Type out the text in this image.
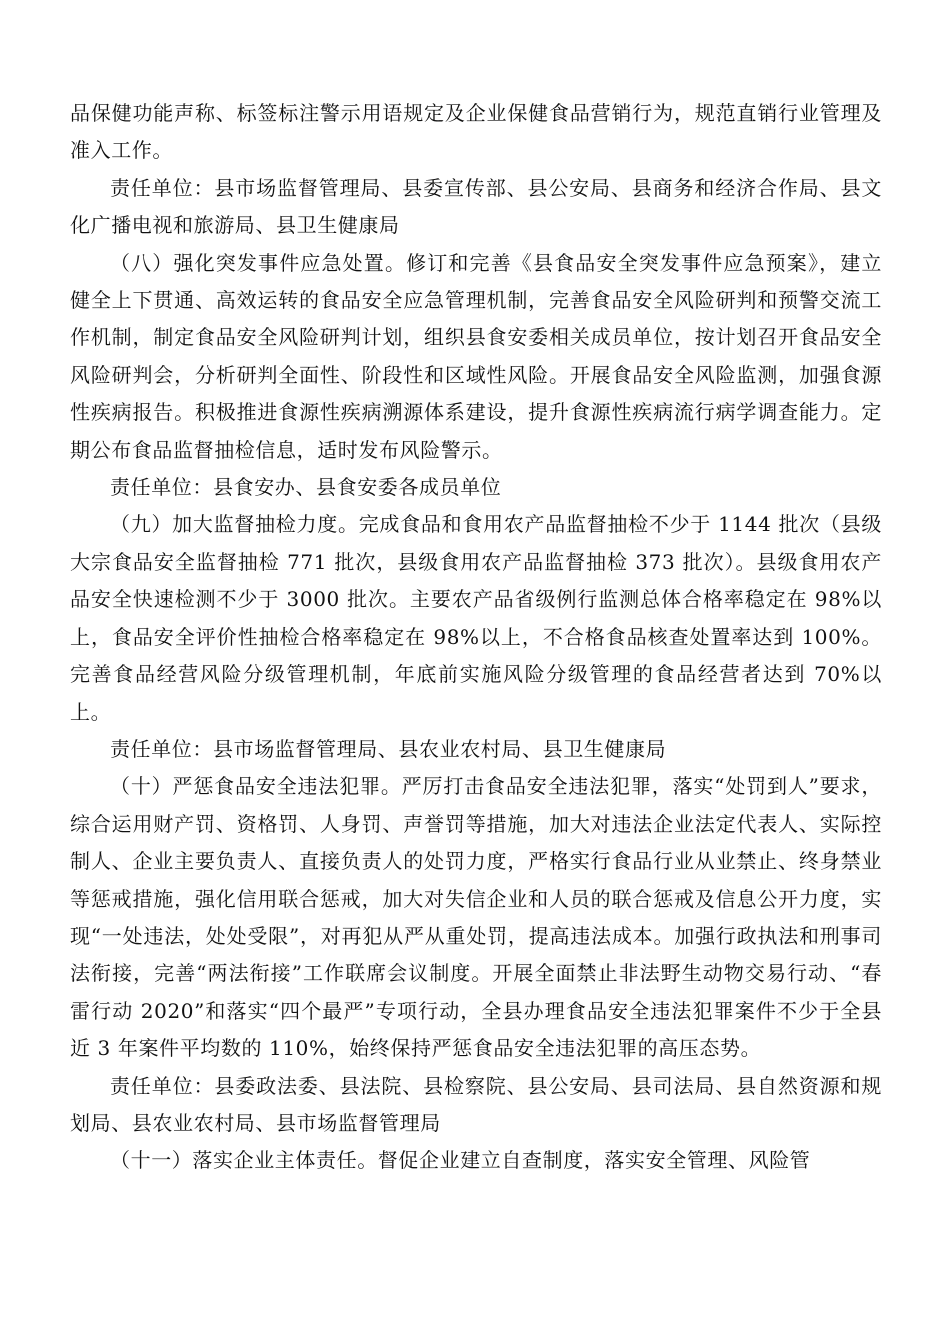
品保健功能声称、标签标注警示用语规定及企业保健食品营销行为，规范直销行业管理及准入工作。

责任单位：县市场监督管理局、县委宣传部、县公安局、县商务和经济合作局、县文化广播电视和旅游局、县卫生健康局

（八）强化突发事件应急处置。修订和完善《县食品安全突发事件应急预案》，建立健全上下贯通、高效运转的食品安全应急管理机制，完善食品安全风险研判和预警交流工作机制，制定食品安全风险研判计划，组织县食安委相关成员单位，按计划召开食品安全风险研判会，分析研判全面性、阶段性和区域性风险。开展食品安全风险监测，加强食源性疾病报告。积极推进食源性疾病溯源体系建设，提升食源性疾病流行病学调查能力。定期公布食品监督抽检信息，适时发布风险警示。

责任单位：县食安办、县食安委各成员单位

（九）加大监督抽检力度。完成食品和食用农产品监督抽检不少于 1144 批次（县级大宗食品安全监督抽检 771 批次，县级食用农产品监督抽检 373 批次）。县级食用农产品安全快速检测不少于 3000 批次。主要农产品省级例行监测总体合格率稳定在 98%以上，食品安全评价性抽检合格率稳定在 98%以上，不合格食品核查处置率达到 100%。完善食品经营风险分级管理机制，年底前实施风险分级管理的食品经营者达到 70%以上。

责任单位：县市场监督管理局、县农业农村局、县卫生健康局

（十）严惩食品安全违法犯罪。严厉打击食品安全违法犯罪，落实“处罚到人”要求，综合运用财产罚、资格罚、人身罚、声誉罚等措施，加大对违法企业法定代表人、实际控制人、企业主要负责人、直接负责人的处罚力度，严格实行食品行业从业禁止、终身禁业等惩戒措施，强化信用联合惩戒，加大对失信企业和人员的联合惩戒及信息公开力度，实现“一处违法，处处受限”，对再犯从严从重处罚，提高违法成本。加强行政执法和刑事司法衔接，完善“两法衔接”工作联席会议制度。开展全面禁止非法野生动物交易行动、“春雷行动 2020”和落实“四个最严”专项行动，全县办理食品安全违法犯罪案件不少于全县近 3 年案件平均数的 110%，始终保持严惩食品安全违法犯罪的高压态势。

责任单位：县委政法委、县法院、县检察院、县公安局、县司法局、县自然资源和规划局、县农业农村局、县市场监督管理局

（十一）落实企业主体责任。督促企业建立自查制度，落实安全管理、风险管
